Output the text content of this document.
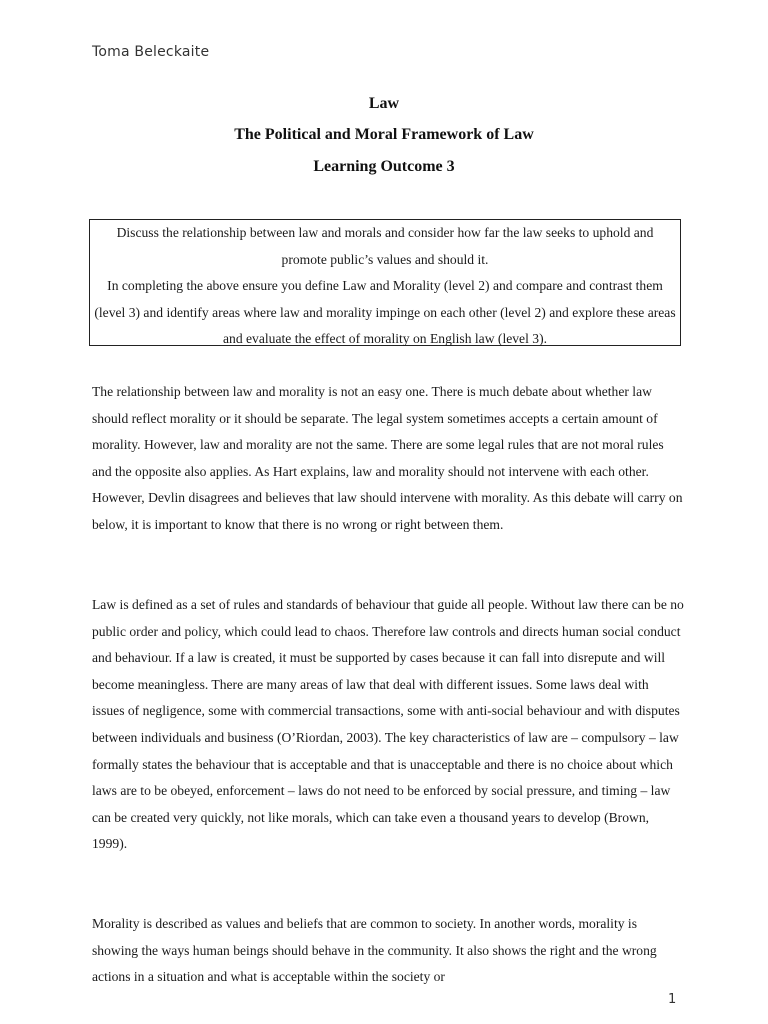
Toma Beleckaite
Law
The Political and Moral Framework of Law
Learning Outcome 3

Discuss the relationship between law and morals and consider how far the law seeks to uphold and promote public’s values and should it.

In completing the above ensure you define Law and Morality (level 2) and compare and contrast them (level 3) and identify areas where law and morality impinge on each other (level 2) and explore these areas and evaluate the effect of morality on English law (level 3).

The relationship between law and morality is not an easy one. There is much debate about whether law should reflect morality or it should be separate. The legal system sometimes accepts a certain amount of morality. However, law and morality are not the same. There are some legal rules that are not moral rules and the opposite also applies. As Hart explains, law and morality should not intervene with each other. However, Devlin disagrees and believes that law should intervene with morality. As this debate will carry on below, it is important to know that there is no wrong or right between them.

Law is defined as a set of rules and standards of behaviour that guide all people. Without law there can be no public order and policy, which could lead to chaos. Therefore law controls and directs human social conduct and behaviour. If a law is created, it must be supported by cases because it can fall into disrepute and will become meaningless. There are many areas of law that deal with different issues. Some laws deal with issues of negligence, some with commercial transactions, some with anti-social behaviour and with disputes between individuals and business (O’Riordan, 2003). The key characteristics of law are – compulsory – law formally states the behaviour that is acceptable and that is unacceptable and there is no choice about which laws are to be obeyed, enforcement – laws do not need to be enforced by social pressure, and timing – law can be created very quickly, not like morals, which can take even a thousand years to develop (Brown, 1999).

Morality is described as values and beliefs that are common to society. In another words, morality is showing the ways human beings should behave in the community. It also shows the right and the wrong actions in a situation and what is acceptable within the society or

1
